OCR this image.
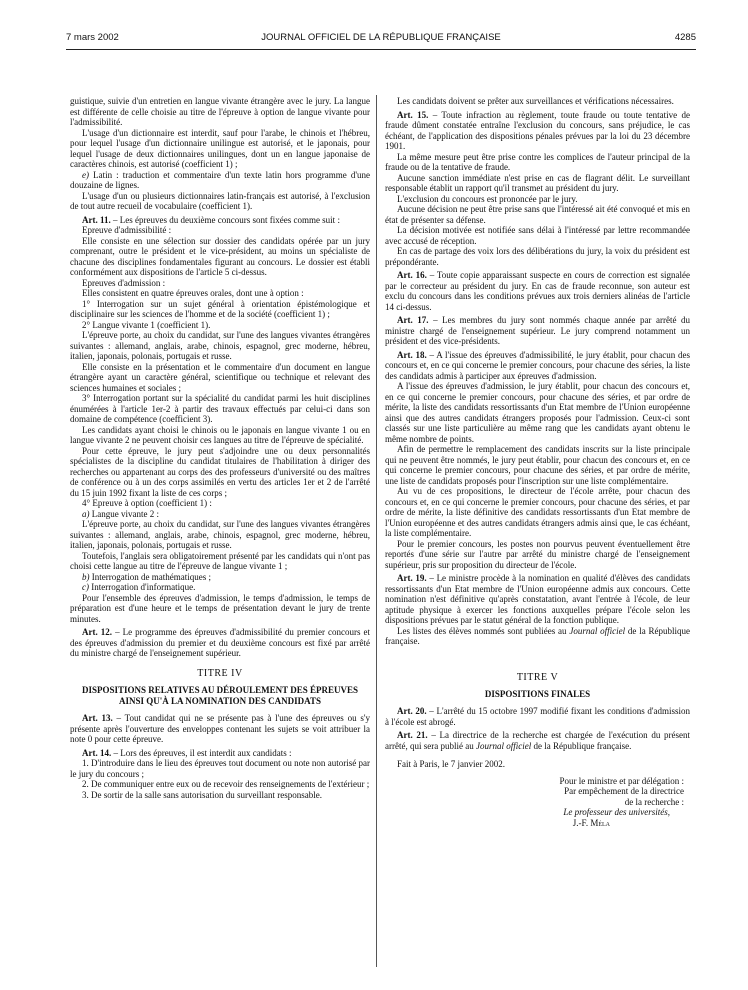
7 mars 2002	JOURNAL OFFICIEL DE LA RÉPUBLIQUE FRANÇAISE	4285

guistique, suivie d'un entretien en langue vivante étrangère avec le jury. La langue est différente de celle choisie au titre de l'épreuve à option de langue vivante pour l'admissibilité.

L'usage d'un dictionnaire est interdit, sauf pour l'arabe, le chinois et l'hébreu, pour lequel l'usage d'un dictionnaire unilingue est autorisé, et le japonais, pour lequel l'usage de deux dictionnaires unilingues, dont un en langue japonaise de caractères chinois, est autorisé (coefficient 1) ;

e) Latin : traduction et commentaire d'un texte latin hors programme d'une douzaine de lignes.

L'usage d'un ou plusieurs dictionnaires latin-français est autorisé, à l'exclusion de tout autre recueil de vocabulaire (coefficient 1).

Art. 11. – Les épreuves du deuxième concours sont fixées comme suit :

Epreuve d'admissibilité :

Elle consiste en une sélection sur dossier des candidats opérée par un jury comprenant, outre le président et le vice-président, au moins un spécialiste de chacune des disciplines fondamentales figurant au concours. Le dossier est établi conformément aux dispositions de l'article 5 ci-dessus.

Epreuves d'admission :

Elles consistent en quatre épreuves orales, dont une à option :

1° Interrogation sur un sujet général à orientation épistémologique et disciplinaire sur les sciences de l'homme et de la société (coefficient 1) ;

2° Langue vivante 1 (coefficient 1).

L'épreuve porte, au choix du candidat, sur l'une des langues vivantes étrangères suivantes : allemand, anglais, arabe, chinois, espagnol, grec moderne, hébreu, italien, japonais, polonais, portugais et russe.

Elle consiste en la présentation et le commentaire d'un document en langue étrangère ayant un caractère général, scientifique ou technique et relevant des sciences humaines et sociales ;

3° Interrogation portant sur la spécialité du candidat parmi les huit disciplines énumérées à l'article 1er-2 à partir des travaux effectués par celui-ci dans son domaine de compétence (coefficient 3).

Les candidats ayant choisi le chinois ou le japonais en langue vivante 1 ou en langue vivante 2 ne peuvent choisir ces langues au titre de l'épreuve de spécialité.

Pour cette épreuve, le jury peut s'adjoindre une ou deux personnalités spécialistes de la discipline du candidat titulaires de l'habilitation à diriger des recherches ou appartenant au corps des des professeurs d'université ou des maîtres de conférence ou à un des corps assimilés en vertu des articles 1er et 2 de l'arrêté du 15 juin 1992 fixant la liste de ces corps ;

4° Epreuve à option (coefficient 1) :

a) Langue vivante 2 :

L'épreuve porte, au choix du candidat, sur l'une des langues vivantes étrangères suivantes : allemand, anglais, arabe, chinois, espagnol, grec moderne, hébreu, italien, japonais, polonais, portugais et russe.

Toutefois, l'anglais sera obligatoirement présenté par les candidats qui n'ont pas choisi cette langue au titre de l'épreuve de langue vivante 1 ;

b) Interrogation de mathématiques ;

c) Interrogation d'informatique.

Pour l'ensemble des épreuves d'admission, le temps d'admission, le temps de préparation est d'une heure et le temps de présentation devant le jury de trente minutes.

Art. 12. – Le programme des épreuves d'admissibilité du premier concours et des épreuves d'admission du premier et du deuxième concours est fixé par arrêté du ministre chargé de l'enseignement supérieur.

TITRE IV

DISPOSITIONS RELATIVES AU DÉROULEMENT DES ÉPREUVES AINSI QU'À LA NOMINATION DES CANDIDATS

Art. 13. – Tout candidat qui ne se présente pas à l'une des épreuves ou s'y présente après l'ouverture des enveloppes contenant les sujets se voit attribuer la note 0 pour cette épreuve.

Art. 14. – Lors des épreuves, il est interdit aux candidats :

1. D'introduire dans le lieu des épreuves tout document ou note non autorisé par le jury du concours ;

2. De communiquer entre eux ou de recevoir des renseignements de l'extérieur ;

3. De sortir de la salle sans autorisation du surveillant responsable.

Les candidats doivent se prêter aux surveillances et vérifications nécessaires.

Art. 15. – Toute infraction au règlement, toute fraude ou toute tentative de fraude dûment constatée entraîne l'exclusion du concours, sans préjudice, le cas échéant, de l'application des dispositions pénales prévues par la loi du 23 décembre 1901.

La même mesure peut être prise contre les complices de l'auteur principal de la fraude ou de la tentative de fraude.

Aucune sanction immédiate n'est prise en cas de flagrant délit. Le surveillant responsable établit un rapport qu'il transmet au président du jury.

L'exclusion du concours est prononcée par le jury.

Aucune décision ne peut être prise sans que l'intéressé ait été convoqué et mis en état de présenter sa défense.

La décision motivée est notifiée sans délai à l'intéressé par lettre recommandée avec accusé de réception.

En cas de partage des voix lors des délibérations du jury, la voix du président est prépondérante.

Art. 16. – Toute copie apparaissant suspecte en cours de correction est signalée par le correcteur au président du jury. En cas de fraude reconnue, son auteur est exclu du concours dans les conditions prévues aux trois derniers alinéas de l'article 14 ci-dessus.

Art. 17. – Les membres du jury sont nommés chaque année par arrêté du ministre chargé de l'enseignement supérieur. Le jury comprend notamment un président et des vice-présidents.

Art. 18. – A l'issue des épreuves d'admissibilité, le jury établit, pour chacun des concours et, en ce qui concerne le premier concours, pour chacune des séries, la liste des candidats admis à participer aux épreuves d'admission.

A l'issue des épreuves d'admission, le jury établit, pour chacun des concours et, en ce qui concerne le premier concours, pour chacune des séries, et par ordre de mérite, la liste des candidats ressortissants d'un Etat membre de l'Union européenne ainsi que des autres candidats étrangers proposés pour l'admission. Ceux-ci sont classés sur une liste particulière au même rang que les candidats ayant obtenu le même nombre de points.

Afin de permettre le remplacement des candidats inscrits sur la liste principale qui ne peuvent être nommés, le jury peut établir, pour chacun des concours et, en ce qui concerne le premier concours, pour chacune des séries, et par ordre de mérite, une liste de candidats proposés pour l'inscription sur une liste complémentaire.

Au vu de ces propositions, le directeur de l'école arrête, pour chacun des concours et, en ce qui concerne le premier concours, pour chacune des séries, et par ordre de mérite, la liste définitive des candidats ressortissants d'un Etat membre de l'Union européenne et des autres candidats étrangers admis ainsi que, le cas échéant, la liste complémentaire.

Pour le premier concours, les postes non pourvus peuvent éventuellement être reportés d'une série sur l'autre par arrêté du ministre chargé de l'enseignement supérieur, pris sur proposition du directeur de l'école.

Art. 19. – Le ministre procède à la nomination en qualité d'élèves des candidats ressortissants d'un Etat membre de l'Union européenne admis aux concours. Cette nomination n'est définitive qu'après constatation, avant l'entrée à l'école, de leur aptitude physique à exercer les fonctions auxquelles prépare l'école selon les dispositions prévues par le statut général de la fonction publique.

Les listes des élèves nommés sont publiées au Journal officiel de la République française.

TITRE V

DISPOSITIONS FINALES

Art. 20. – L'arrêté du 15 octobre 1997 modifié fixant les conditions d'admission à l'école est abrogé.

Art. 21. – La directrice de la recherche est chargée de l'exécution du présent arrêté, qui sera publié au Journal officiel de la République française.

Fait à Paris, le 7 janvier 2002.

Pour le ministre et par délégation :

Par empêchement de la directrice

de la recherche :

Le professeur des universités,

J.-F. Méla
